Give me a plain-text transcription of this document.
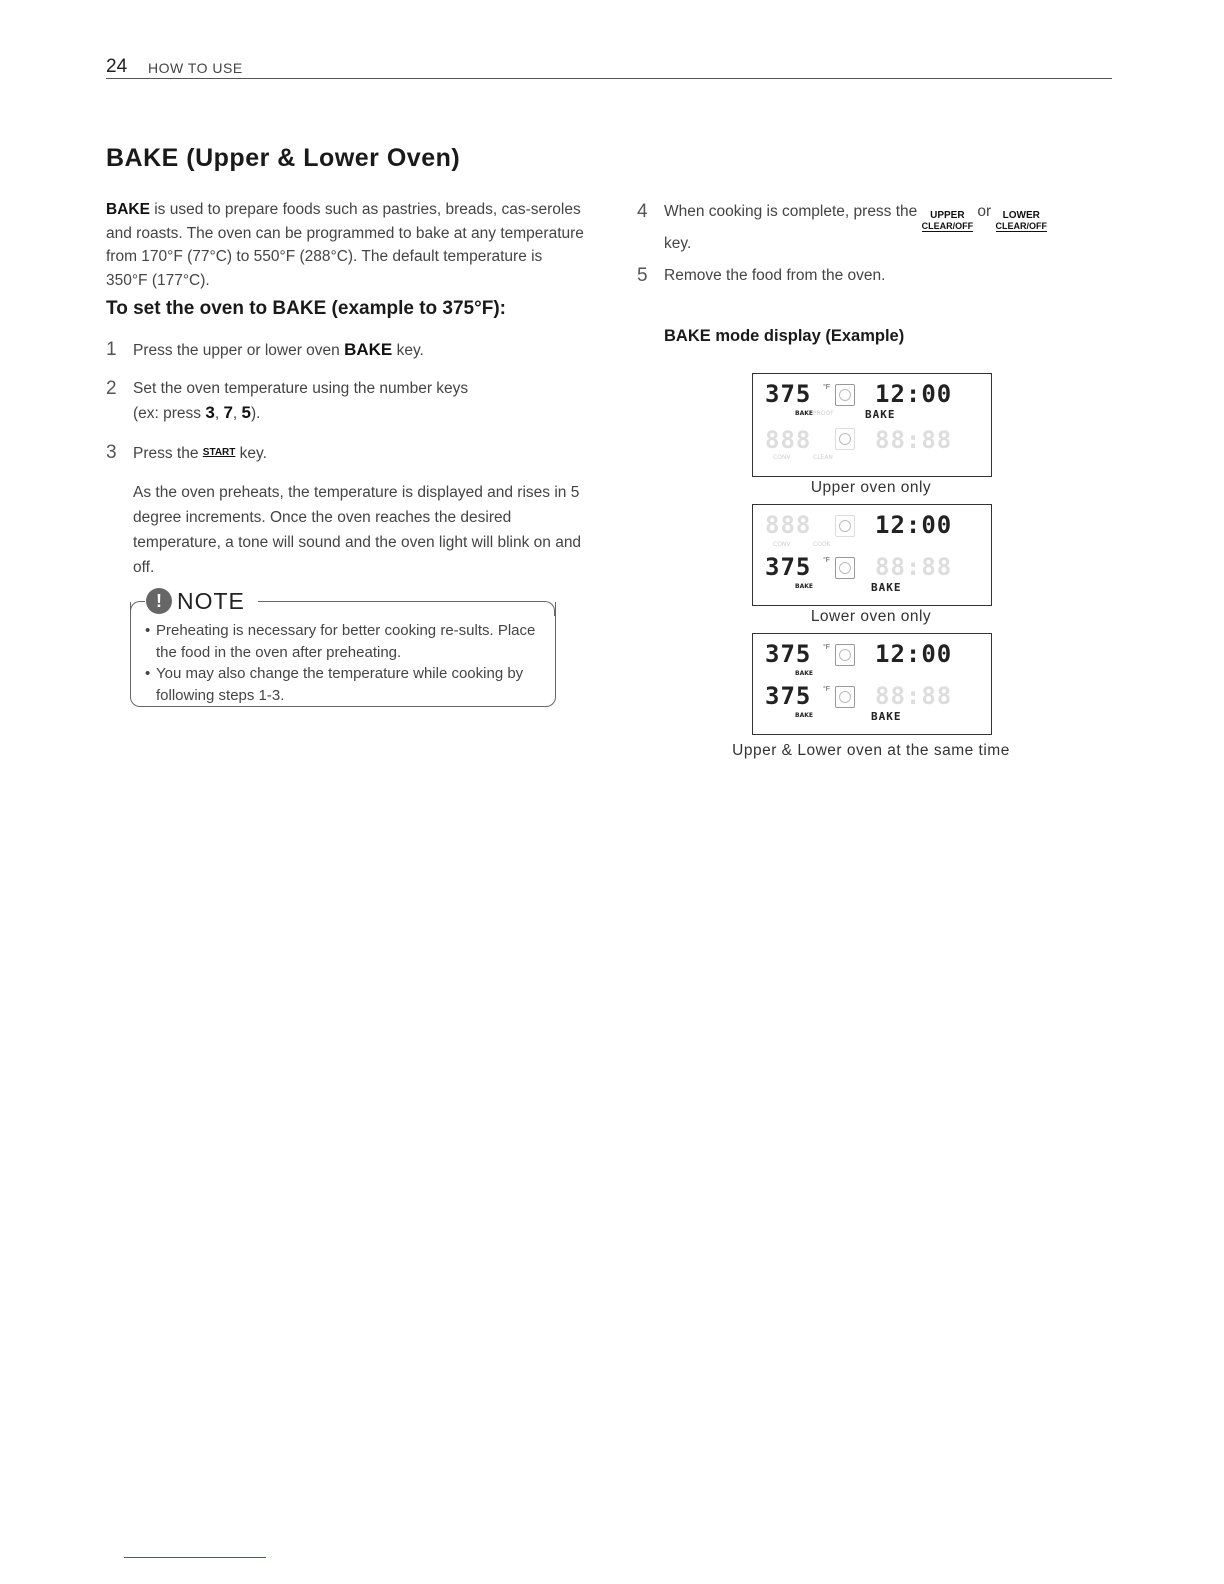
24 HOW TO USE
BAKE (Upper & Lower Oven)
BAKE is used to prepare foods such as pastries, breads, cas-seroles and roasts. The oven can be programmed to bake at any temperature from 170°F (77°C) to 550°F (288°C). The default temperature is 350°F (177°C).
To set the oven to BAKE (example to 375°F):
1 Press the upper or lower oven BAKE key.
2 Set the oven temperature using the number keys
(ex: press 3, 7, 5).
3 Press the START key.
As the oven preheats, the temperature is displayed and rises in 5 degree increments. Once the oven reaches the desired temperature, a tone will sound and the oven light will blink on and off.
! NOTE
• Preheating is necessary for better cooking re-sults. Place the food in the oven after preheating.
• You may also change the temperature while cooking by following steps 1-3.
4 When cooking is complete, press the UPPER
CLEAR/OFF
or LOWER
CLEAR/OFF

key.
5 Remove the food from the oven.
BAKE mode display (Example)
375 °F 12:00
BAKE PROOF	BAKE
888	88:88
CONV	CLEAN
Upper oven only
888	12:00
CONV	COOK
375 °F 88:88
BAKE	BAKE
Lower oven only
375 °F 12:00
BAKE
375 °F 88:88
BAKE	BAKE
Upper & Lower oven at the same time
